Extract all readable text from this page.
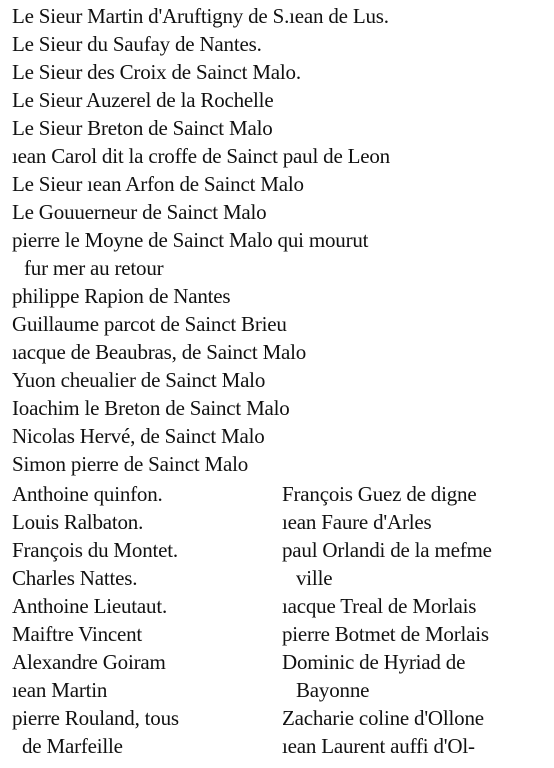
Le Sieur Martin d'Aruftigny de S.ıean de Lus.
Le Sieur du Saufay de Nantes.
Le Sieur des Croix de Sainct Malo.
Le Sieur Auzerel de la Rochelle
Le Sieur Breton de Sainct Malo
ıean Carol dit la croffe de Sainct paul de Leon
Le Sieur ıean Arfon de Sainct Malo
Le Gouuerneur de Sainct Malo
pierre le Moyne de Sainct Malo qui mourut
fur mer au retour
philippe Rapion de Nantes
Guillaume parcot de Sainct Brieu
ıacque de Beaubras, de Sainct Malo
Yuon cheualier de Sainct Malo
Ioachim le Breton de Sainct Malo
Nicolas Hervé, de Sainct Malo
Simon pierre de Sainct Malo
Anthoine quinfon.
Louis Ralbaton.
François du Montet.
Charles Nattes.
Anthoine Lieutaut.
Maiftre Vincent
Alexandre Goiram
ıean Martin
pierre Rouland, tous
de Marfeille
François Guez de digne
ıean Faure d'Arles
paul Orlandi de la mefme
ville
ıacque Treal de Morlais
pierre Botmet de Morlais
Dominic de Hyriad de
Bayonne
Zacharie coline d'Ollone
ıean Laurent auffi d'Ol-
